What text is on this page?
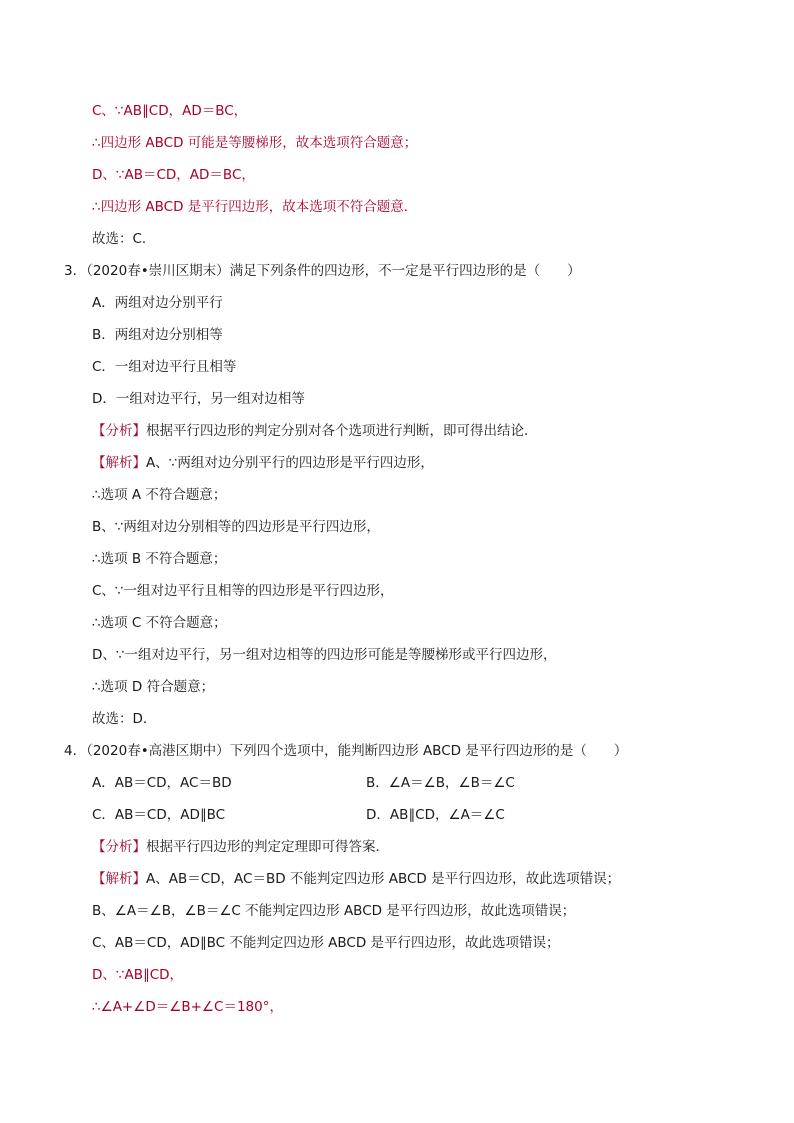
C、∵AB∥CD，AD＝BC，
∴四边形 ABCD 可能是等腰梯形，故本选项符合题意；
D、∵AB＝CD，AD＝BC，
∴四边形 ABCD 是平行四边形，故本选项不符合题意．
故选：C．
3．（2020春•崇川区期末）满足下列条件的四边形，不一定是平行四边形的是（　　）
A．两组对边分别平行
B．两组对边分别相等
C．一组对边平行且相等
D．一组对边平行，另一组对边相等
【分析】根据平行四边形的判定分别对各个选项进行判断，即可得出结论．
【解析】A、∵两组对边分别平行的四边形是平行四边形，
∴选项 A 不符合题意；
B、∵两组对边分别相等的四边形是平行四边形，
∴选项 B 不符合题意；
C、∵一组对边平行且相等的四边形是平行四边形，
∴选项 C 不符合题意；
D、∵一组对边平行，另一组对边相等的四边形可能是等腰梯形或平行四边形，
∴选项 D 符合题意；
故选：D．
4．（2020春•高港区期中）下列四个选项中，能判断四边形 ABCD 是平行四边形的是（　　）
A．AB＝CD，AC＝BD	B．∠A＝∠B，∠B＝∠C
C．AB＝CD，AD∥BC	D．AB∥CD，∠A＝∠C
【分析】根据平行四边形的判定定理即可得答案．
【解析】A、AB＝CD，AC＝BD 不能判定四边形 ABCD 是平行四边形，故此选项错误；
B、∠A＝∠B，∠B＝∠C 不能判定四边形 ABCD 是平行四边形，故此选项错误；
C、AB＝CD，AD∥BC 不能判定四边形 ABCD 是平行四边形，故此选项错误；
D、∵AB∥CD，
∴∠A+∠D＝∠B+∠C＝180°，
